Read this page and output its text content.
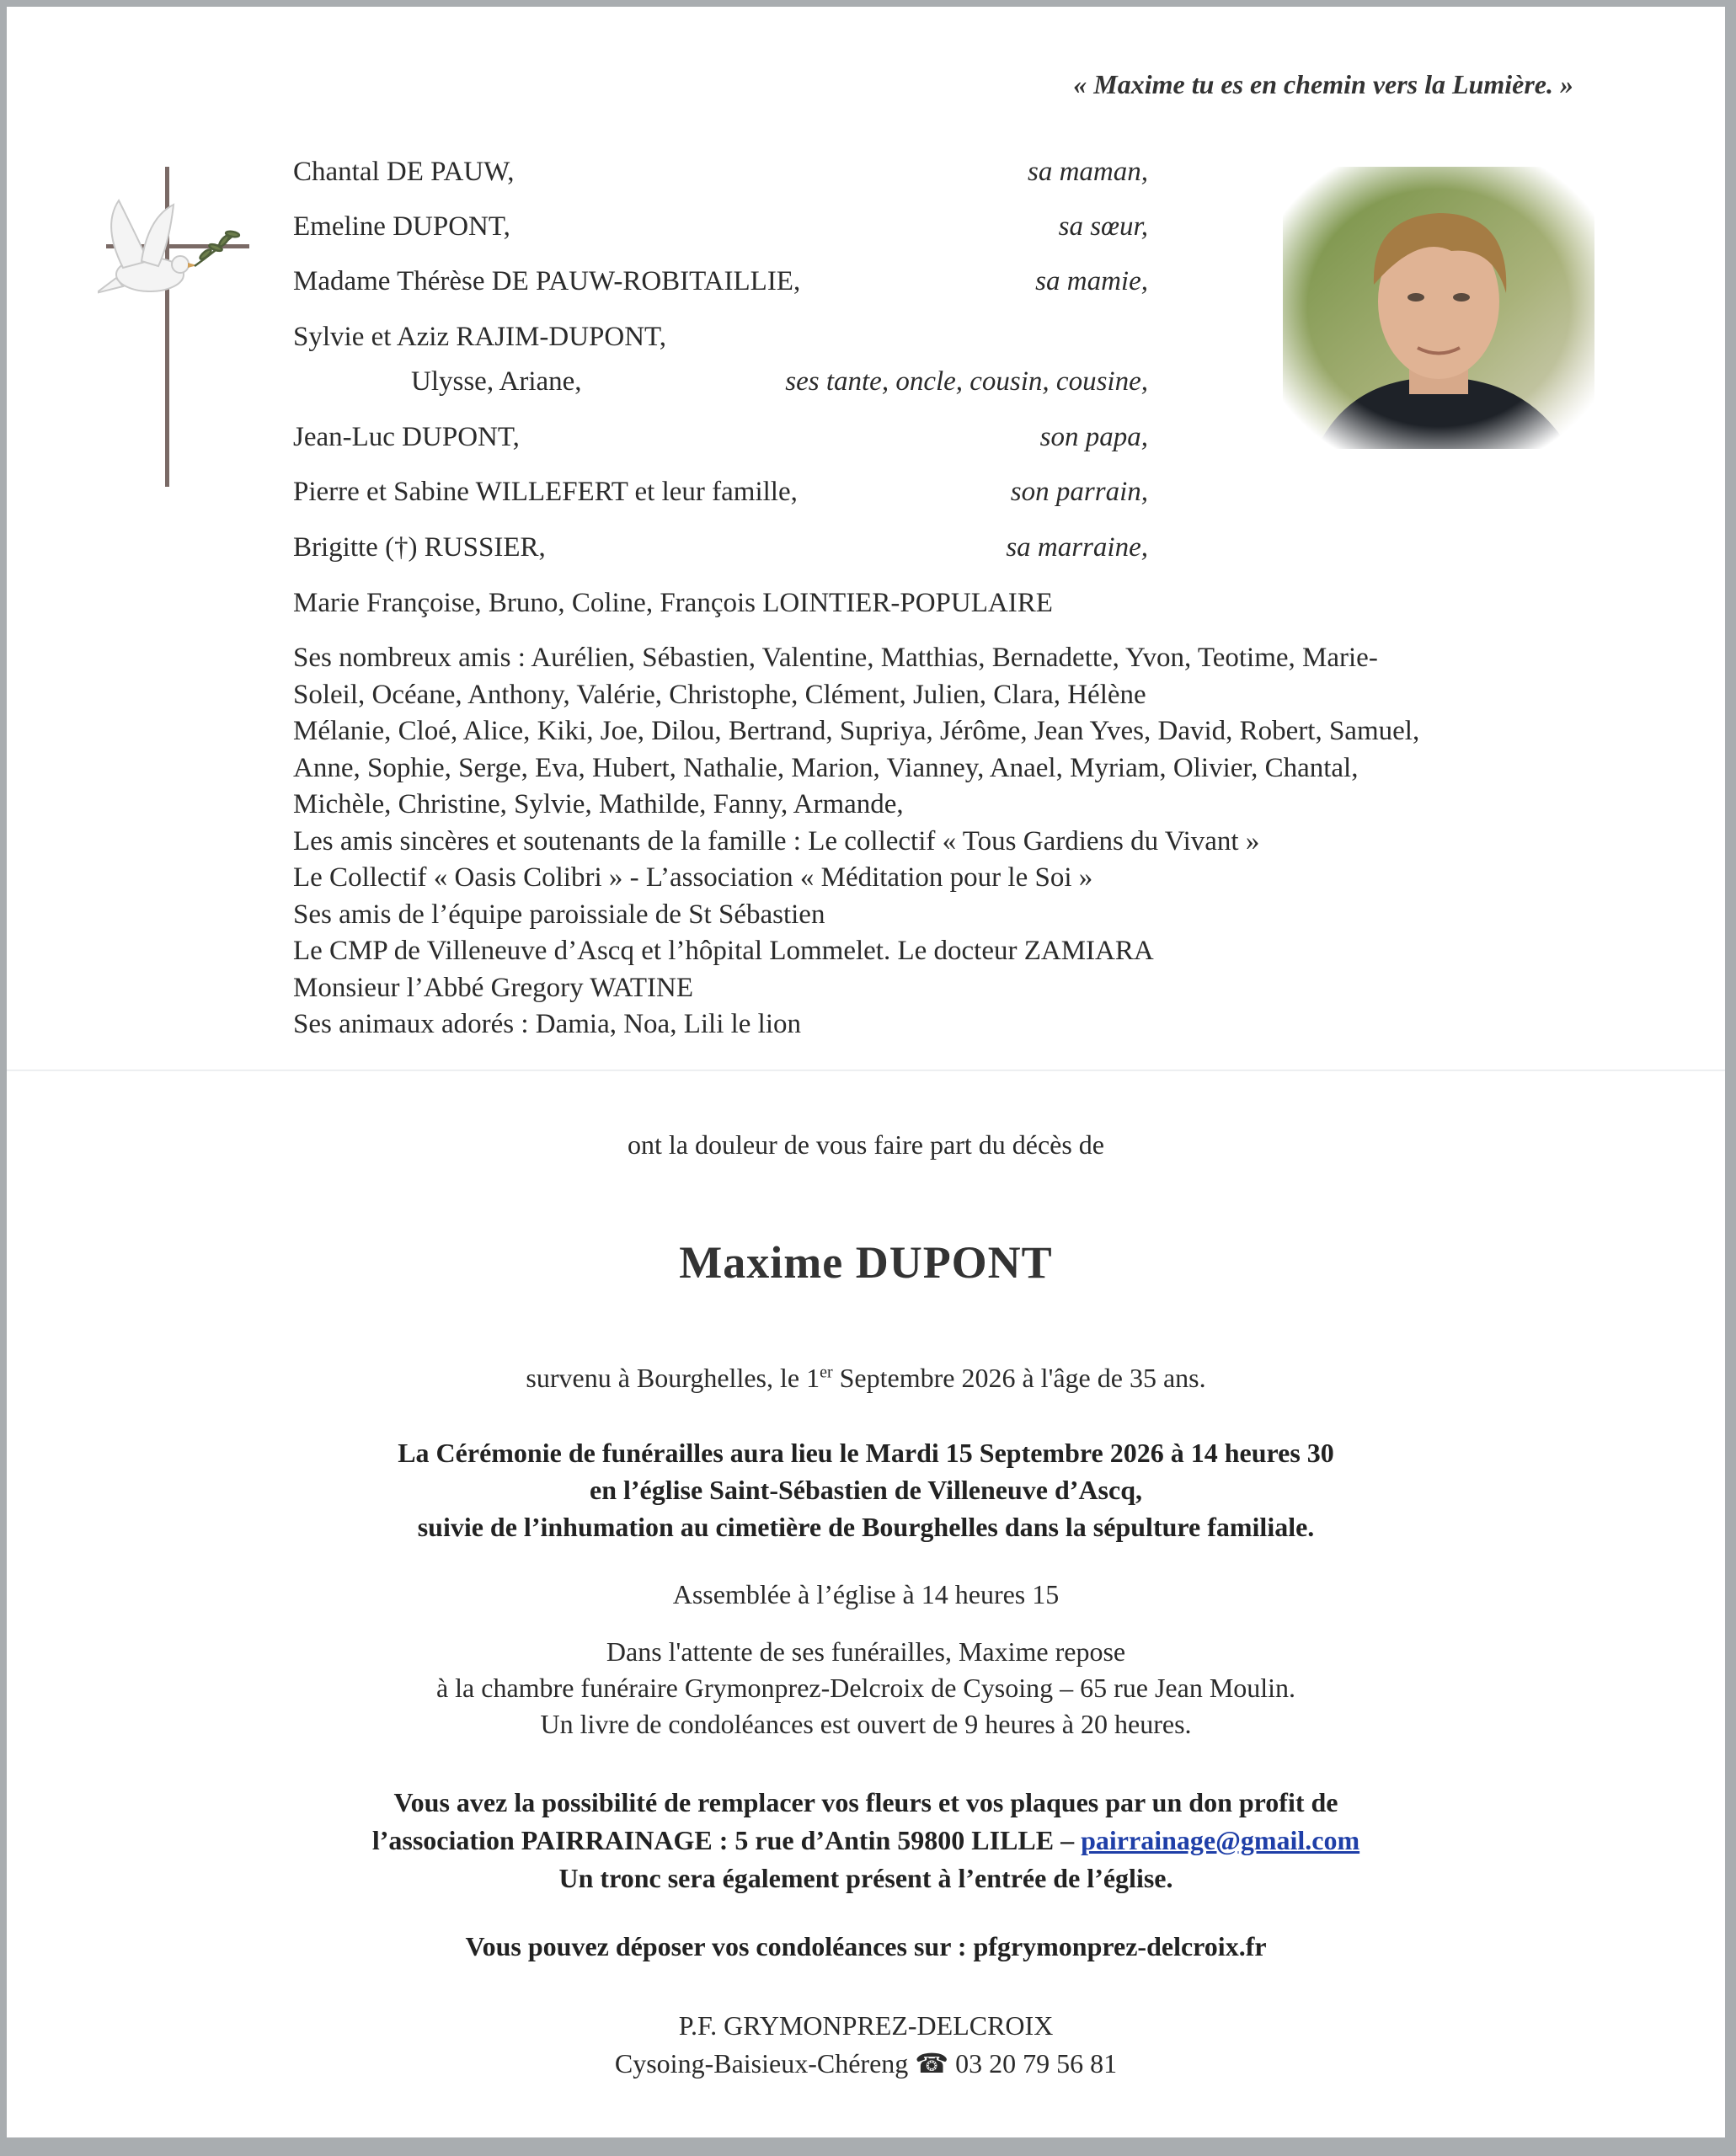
« Maxime tu es en chemin vers la Lumière. »
Chantal DE PAUW,	sa maman,
Emeline DUPONT,	sa sœur,
Madame Thérèse DE PAUW-ROBITAILLIE,	sa mamie,
Sylvie et Aziz RAJIM-DUPONT,
Ulysse, Ariane,	ses tante, oncle, cousin, cousine,
Jean-Luc DUPONT,	son papa,
Pierre et Sabine WILLEFERT et leur famille,	son parrain,
Brigitte (†) RUSSIER,	sa marraine,
Marie Françoise, Bruno, Coline, François LOINTIER-POPULAIRE
Ses nombreux amis : Aurélien, Sébastien, Valentine, Matthias, Bernadette, Yvon, Teotime, Marie-
Soleil, Océane, Anthony, Valérie, Christophe, Clément, Julien, Clara, Hélène
Mélanie, Cloé, Alice, Kiki, Joe, Dilou, Bertrand, Supriya, Jérôme, Jean Yves, David, Robert, Samuel,
Anne, Sophie, Serge, Eva, Hubert, Nathalie, Marion, Vianney, Anael, Myriam, Olivier, Chantal,
Michèle, Christine, Sylvie, Mathilde, Fanny, Armande,
Les amis sincères et soutenants de la famille : Le collectif « Tous Gardiens du Vivant »
Le Collectif « Oasis Colibri » - L’association « Méditation pour le Soi »
Ses amis de l’équipe paroissiale de St Sébastien
Le CMP de Villeneuve d’Ascq et l’hôpital Lommelet. Le docteur ZAMIARA
Monsieur l’Abbé Gregory WATINE
Ses animaux adorés : Damia, Noa, Lili le lion
ont la douleur de vous faire part du décès de
Maxime DUPONT
survenu à Bourghelles, le 1er Septembre 2026 à l'âge de 35 ans.
La Cérémonie de funérailles aura lieu le Mardi 15 Septembre 2026 à 14 heures 30
en l’église Saint-Sébastien de Villeneuve d’Ascq,
suivie de l’inhumation au cimetière de Bourghelles dans la sépulture familiale.
Assemblée à l’église à 14 heures 15
Dans l'attente de ses funérailles, Maxime repose
à la chambre funéraire Grymonprez-Delcroix de Cysoing – 65 rue Jean Moulin.
Un livre de condoléances est ouvert de 9 heures à 20 heures.
Vous avez la possibilité de remplacer vos fleurs et vos plaques par un don profit de
l’association PAIRRAINAGE : 5 rue d’Antin 59800 LILLE – pairrainage@gmail.com
Un tronc sera également présent à l’entrée de l’église.
Vous pouvez déposer vos condoléances sur : pfgrymonprez-delcroix.fr
P.F. GRYMONPREZ-DELCROIX
Cysoing-Baisieux-Chéreng ☎ 03 20 79 56 81
